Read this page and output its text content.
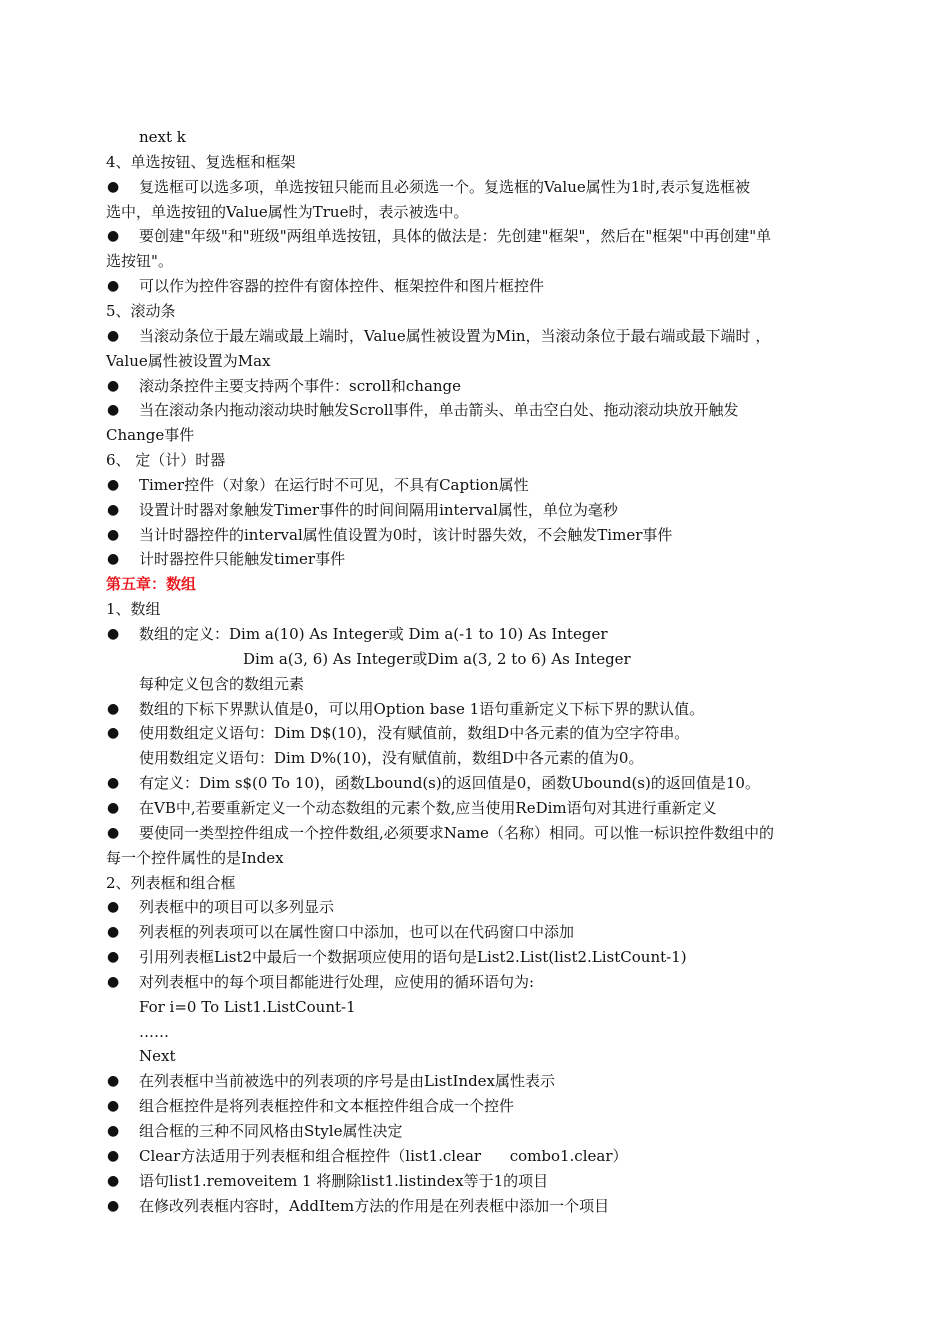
next k
4、单选按钮、复选框和框架
● 复选框可以选多项，单选按钮只能而且必须选一个。复选框的Value属性为1时,表示复选框被
选中，单选按钮的Value属性为True时，表示被选中。
● 要创建"年级"和"班级"两组单选按钮，具体的做法是：先创建"框架"，然后在"框架"中再创建"单
选按钮"。
● 可以作为控件容器的控件有窗体控件、框架控件和图片框控件
5、滚动条
● 当滚动条位于最左端或最上端时，Value属性被设置为Min，当滚动条位于最右端或最下端时 ，
Value属性被设置为Max
● 滚动条控件主要支持两个事件：scroll和change
● 当在滚动条内拖动滚动块时触发Scroll事件，单击箭头、单击空白处、拖动滚动块放开触发
Change事件
6、 定（计）时器
● Timer控件（对象）在运行时不可见，不具有Caption属性
● 设置计时器对象触发Timer事件的时间间隔用interval属性，单位为毫秒
● 当计时器控件的interval属性值设置为0时，该计时器失效，不会触发Timer事件
● 计时器控件只能触发timer事件
第五章：数组
1、数组
● 数组的定义：Dim a(10) As Integer或 Dim a(-1 to 10) As Integer
Dim a(3, 6) As Integer或Dim a(3, 2 to 6) As Integer
每种定义包含的数组元素
● 数组的下标下界默认值是0，可以用Option base 1语句重新定义下标下界的默认值。
● 使用数组定义语句：Dim D$(10)，没有赋值前，数组D中各元素的值为空字符串。
使用数组定义语句：Dim D%(10)，没有赋值前，数组D中各元素的值为0。
● 有定义：Dim s$(0 To 10)，函数Lbound(s)的返回值是0，函数Ubound(s)的返回值是10。
● 在VB中,若要重新定义一个动态数组的元素个数,应当使用ReDim语句对其进行重新定义
● 要使同一类型控件组成一个控件数组,必须要求Name（名称）相同。可以惟一标识控件数组中的
每一个控件属性的是Index
2、列表框和组合框
● 列表框中的项目可以多列显示
● 列表框的列表项可以在属性窗口中添加，也可以在代码窗口中添加
● 引用列表框List2中最后一个数据项应使用的语句是List2.List(list2.ListCount-1)
● 对列表框中的每个项目都能进行处理，应使用的循环语句为:
For i=0 To List1.ListCount-1
……
Next
● 在列表框中当前被选中的列表项的序号是由ListIndex属性表示
● 组合框控件是将列表框控件和文本框控件组合成一个控件
● 组合框的三种不同风格由Style属性决定
● Clear方法适用于列表框和组合框控件（list1.clear      combo1.clear）
● 语句list1.removeitem 1 将删除list1.listindex等于1的项目
● 在修改列表框内容时，AddItem方法的作用是在列表框中添加一个项目
